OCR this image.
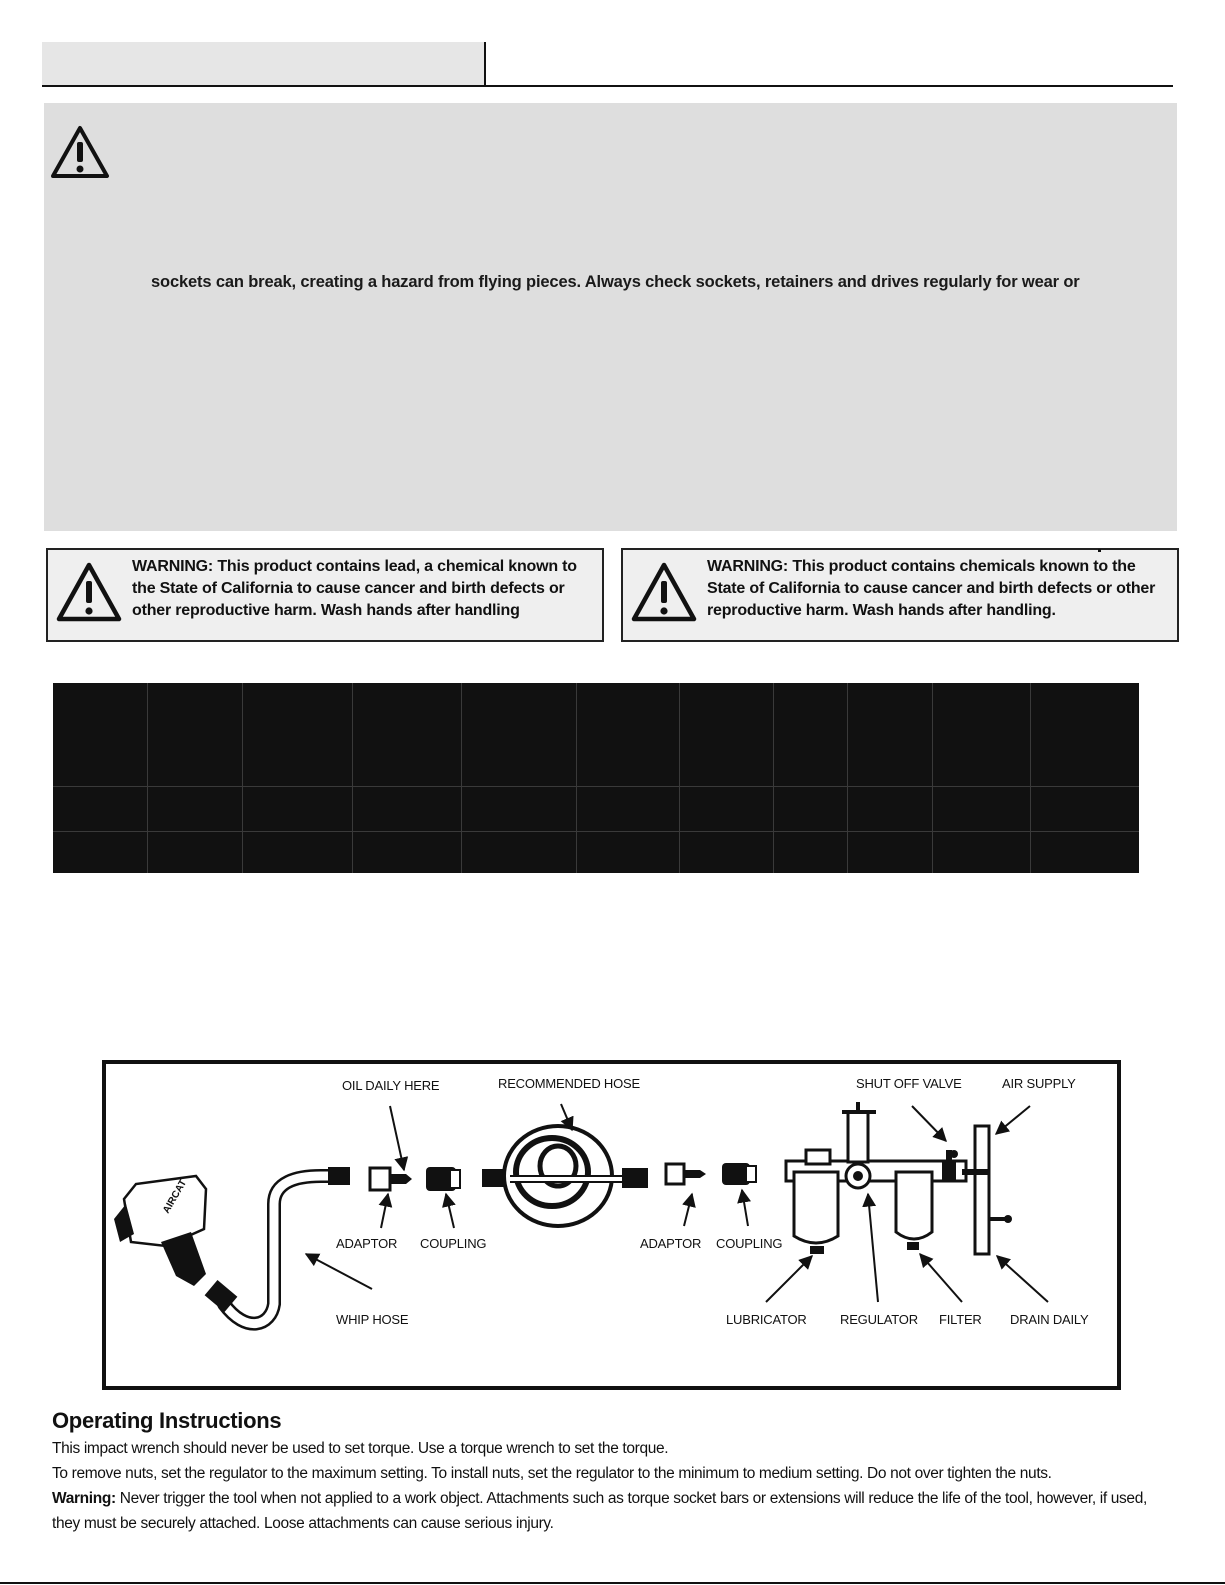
sockets can break, creating a hazard from flying pieces. Always check sockets, retainers and drives regularly for wear or
WARNING: This product contains lead, a chemical known to the State of California to cause cancer and birth defects or other reproductive harm. Wash hands after handling
WARNING: This product contains chemicals known to the State of California to cause cancer and birth defects or other reproductive harm. Wash hands after handling.
AIRCAT
OIL DAILY HERE	RECOMMENDED HOSE	SHUT OFF VALVE	AIR SUPPLY
ADAPTOR COUPLING	ADAPTOR COUPLING
WHIP HOSE	LUBRICATOR	REGULATOR FILTER DRAIN DAILY
Operating Instructions
This impact wrench should never be used to set torque. Use a torque wrench to set the torque.
To remove nuts, set the regulator to the maximum setting. To install nuts, set the regulator to the minimum to medium setting. Do not over tighten the nuts.
Warning: Never trigger the tool when not applied to a work object. Attachments such as torque socket bars or extensions will reduce the life of the tool, however, if used, they must be securely attached. Loose attachments can cause serious injury.
